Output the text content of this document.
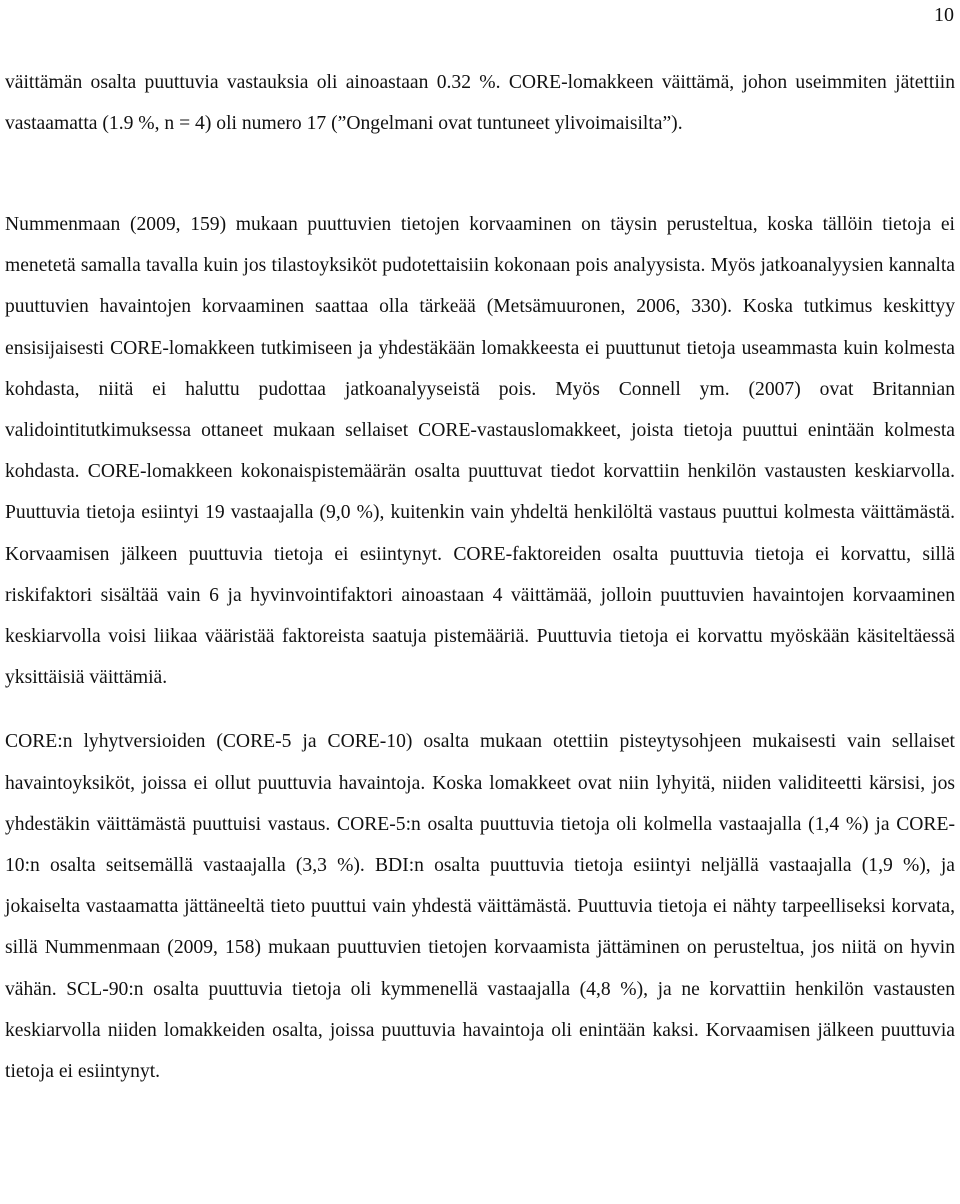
10

väittämän osalta puuttuvia vastauksia oli ainoastaan 0.32 %. CORE-lomakkeen väittämä, johon useimmiten jätettiin vastaamatta (1.9 %, n = 4) oli numero 17 (”Ongelmani ovat tuntuneet ylivoimaisilta”).

Nummenmaan (2009, 159) mukaan puuttuvien tietojen korvaaminen on täysin perusteltua, koska tällöin tietoja ei menetetä samalla tavalla kuin jos tilastoyksiköt pudotettaisiin kokonaan pois analyysista. Myös jatkoanalyysien kannalta puuttuvien havaintojen korvaaminen saattaa olla tärkeää (Metsämuuronen, 2006, 330). Koska tutkimus keskittyy ensisijaisesti CORE-lomakkeen tutkimiseen ja yhdestäkään lomakkeesta ei puuttunut tietoja useammasta kuin kolmesta kohdasta, niitä ei haluttu pudottaa jatkoanalyyseistä pois. Myös Connell ym. (2007) ovat Britannian validointitutkimuksessa ottaneet mukaan sellaiset CORE-vastauslomakkeet, joista tietoja puuttui enintään kolmesta kohdasta. CORE-lomakkeen kokonaispistemäärän osalta puuttuvat tiedot korvattiin henkilön vastausten keskiarvolla. Puuttuvia tietoja esiintyi 19 vastaajalla (9,0 %), kuitenkin vain yhdeltä henkilöltä vastaus puuttui kolmesta väittämästä. Korvaamisen jälkeen puuttuvia tietoja ei esiintynyt. CORE-faktoreiden osalta puuttuvia tietoja ei korvattu, sillä riskifaktori sisältää vain 6 ja hyvinvointifaktori ainoastaan 4 väittämää, jolloin puuttuvien havaintojen korvaaminen keskiarvolla voisi liikaa vääristää faktoreista saatuja pistemääriä. Puuttuvia tietoja ei korvattu myöskään käsiteltäessä yksittäisiä väittämiä.

CORE:n lyhytversioiden (CORE-5 ja CORE-10) osalta mukaan otettiin pisteytysohjeen mukaisesti vain sellaiset havaintoyksiköt, joissa ei ollut puuttuvia havaintoja. Koska lomakkeet ovat niin lyhyitä, niiden validiteetti kärsisi, jos yhdestäkin väittämästä puuttuisi vastaus. CORE-5:n osalta puuttuvia tietoja oli kolmella vastaajalla (1,4 %) ja CORE-10:n osalta seitsemällä vastaajalla (3,3 %). BDI:n osalta puuttuvia tietoja esiintyi neljällä vastaajalla (1,9 %), ja jokaiselta vastaamatta jättäneeltä tieto puuttui vain yhdestä väittämästä. Puuttuvia tietoja ei nähty tarpeelliseksi korvata, sillä Nummenmaan (2009, 158) mukaan puuttuvien tietojen korvaamista jättäminen on perusteltua, jos niitä on hyvin vähän. SCL-90:n osalta puuttuvia tietoja oli kymmenellä vastaajalla (4,8 %), ja ne korvattiin henkilön vastausten keskiarvolla niiden lomakkeiden osalta, joissa puuttuvia havaintoja oli enintään kaksi. Korvaamisen jälkeen puuttuvia tietoja ei esiintynyt.
